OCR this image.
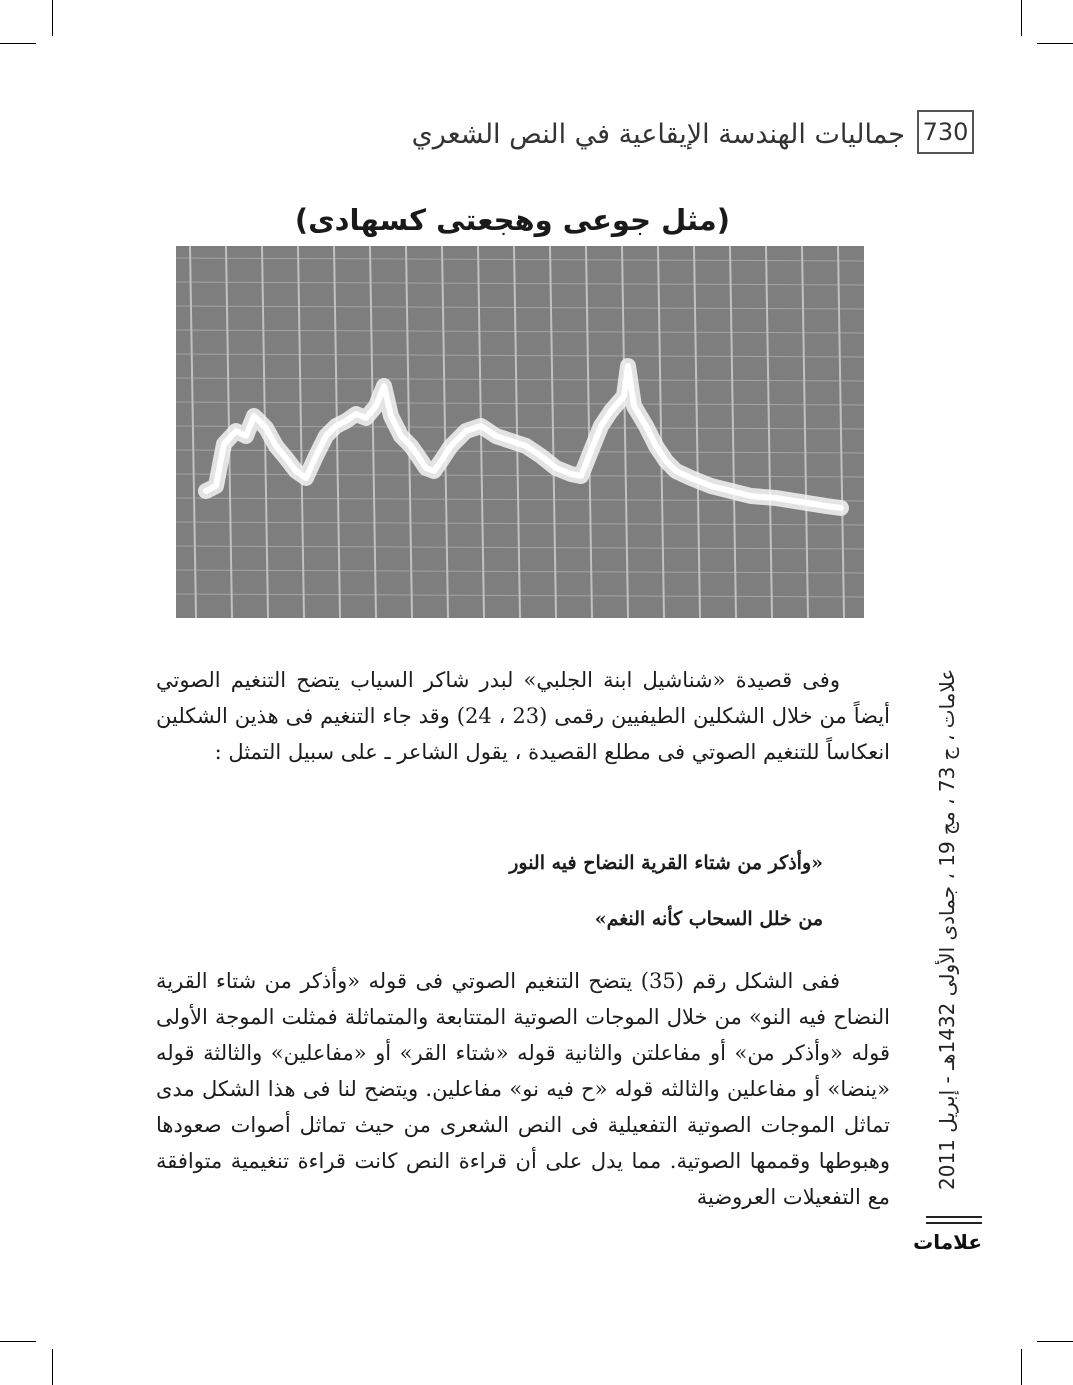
جماليات الهندسة الإيقاعية في النص الشعري 730
(مثل جوعى وهجعتى كسهادى)
وفى قصيدة «شناشيل ابنة الجلبي» لبدر شاكر السياب يتضح التنغيم الصوتي أيضاً من خلال الشكلين الطيفيين رقمى (23 ، 24) وقد جاء التنغيم فى هذين الشكلين انعكاساً للتنغيم الصوتي فى مطلع القصيدة ، يقول الشاعر ـ على سبيل التمثل :
«وأذكر من شتاء القرية النضاح فيه النور
من خلل السحاب كأنه النغم»
ففى الشكل رقم (35) يتضح التنغيم الصوتي فى قوله «وأذكر من شتاء القرية النضاح فيه النو» من خلال الموجات الصوتية المتتابعة والمتماثلة فمثلت الموجة الأولى قوله «وأذكر من» أو مفاعلتن والثانية قوله «شتاء القر» أو «مفاعلين» والثالثة قوله «ينضا» أو مفاعلين والثالثه قوله «ح فيه نو» مفاعلين. ويتضح لنا فى هذا الشكل مدى تماثل الموجات الصوتية التفعيلية فى النص الشعرى من حيث تماثل أصوات صعودها وهبوطها وقممها الصوتية. مما يدل على أن قراءة النص كانت قراءة تنغيمية متوافقة مع التفعيلات العروضية
علامات ، ج 73 ، مج 19 ، جمادى الأولى 1432هـ - إبريل 2011
علامات
